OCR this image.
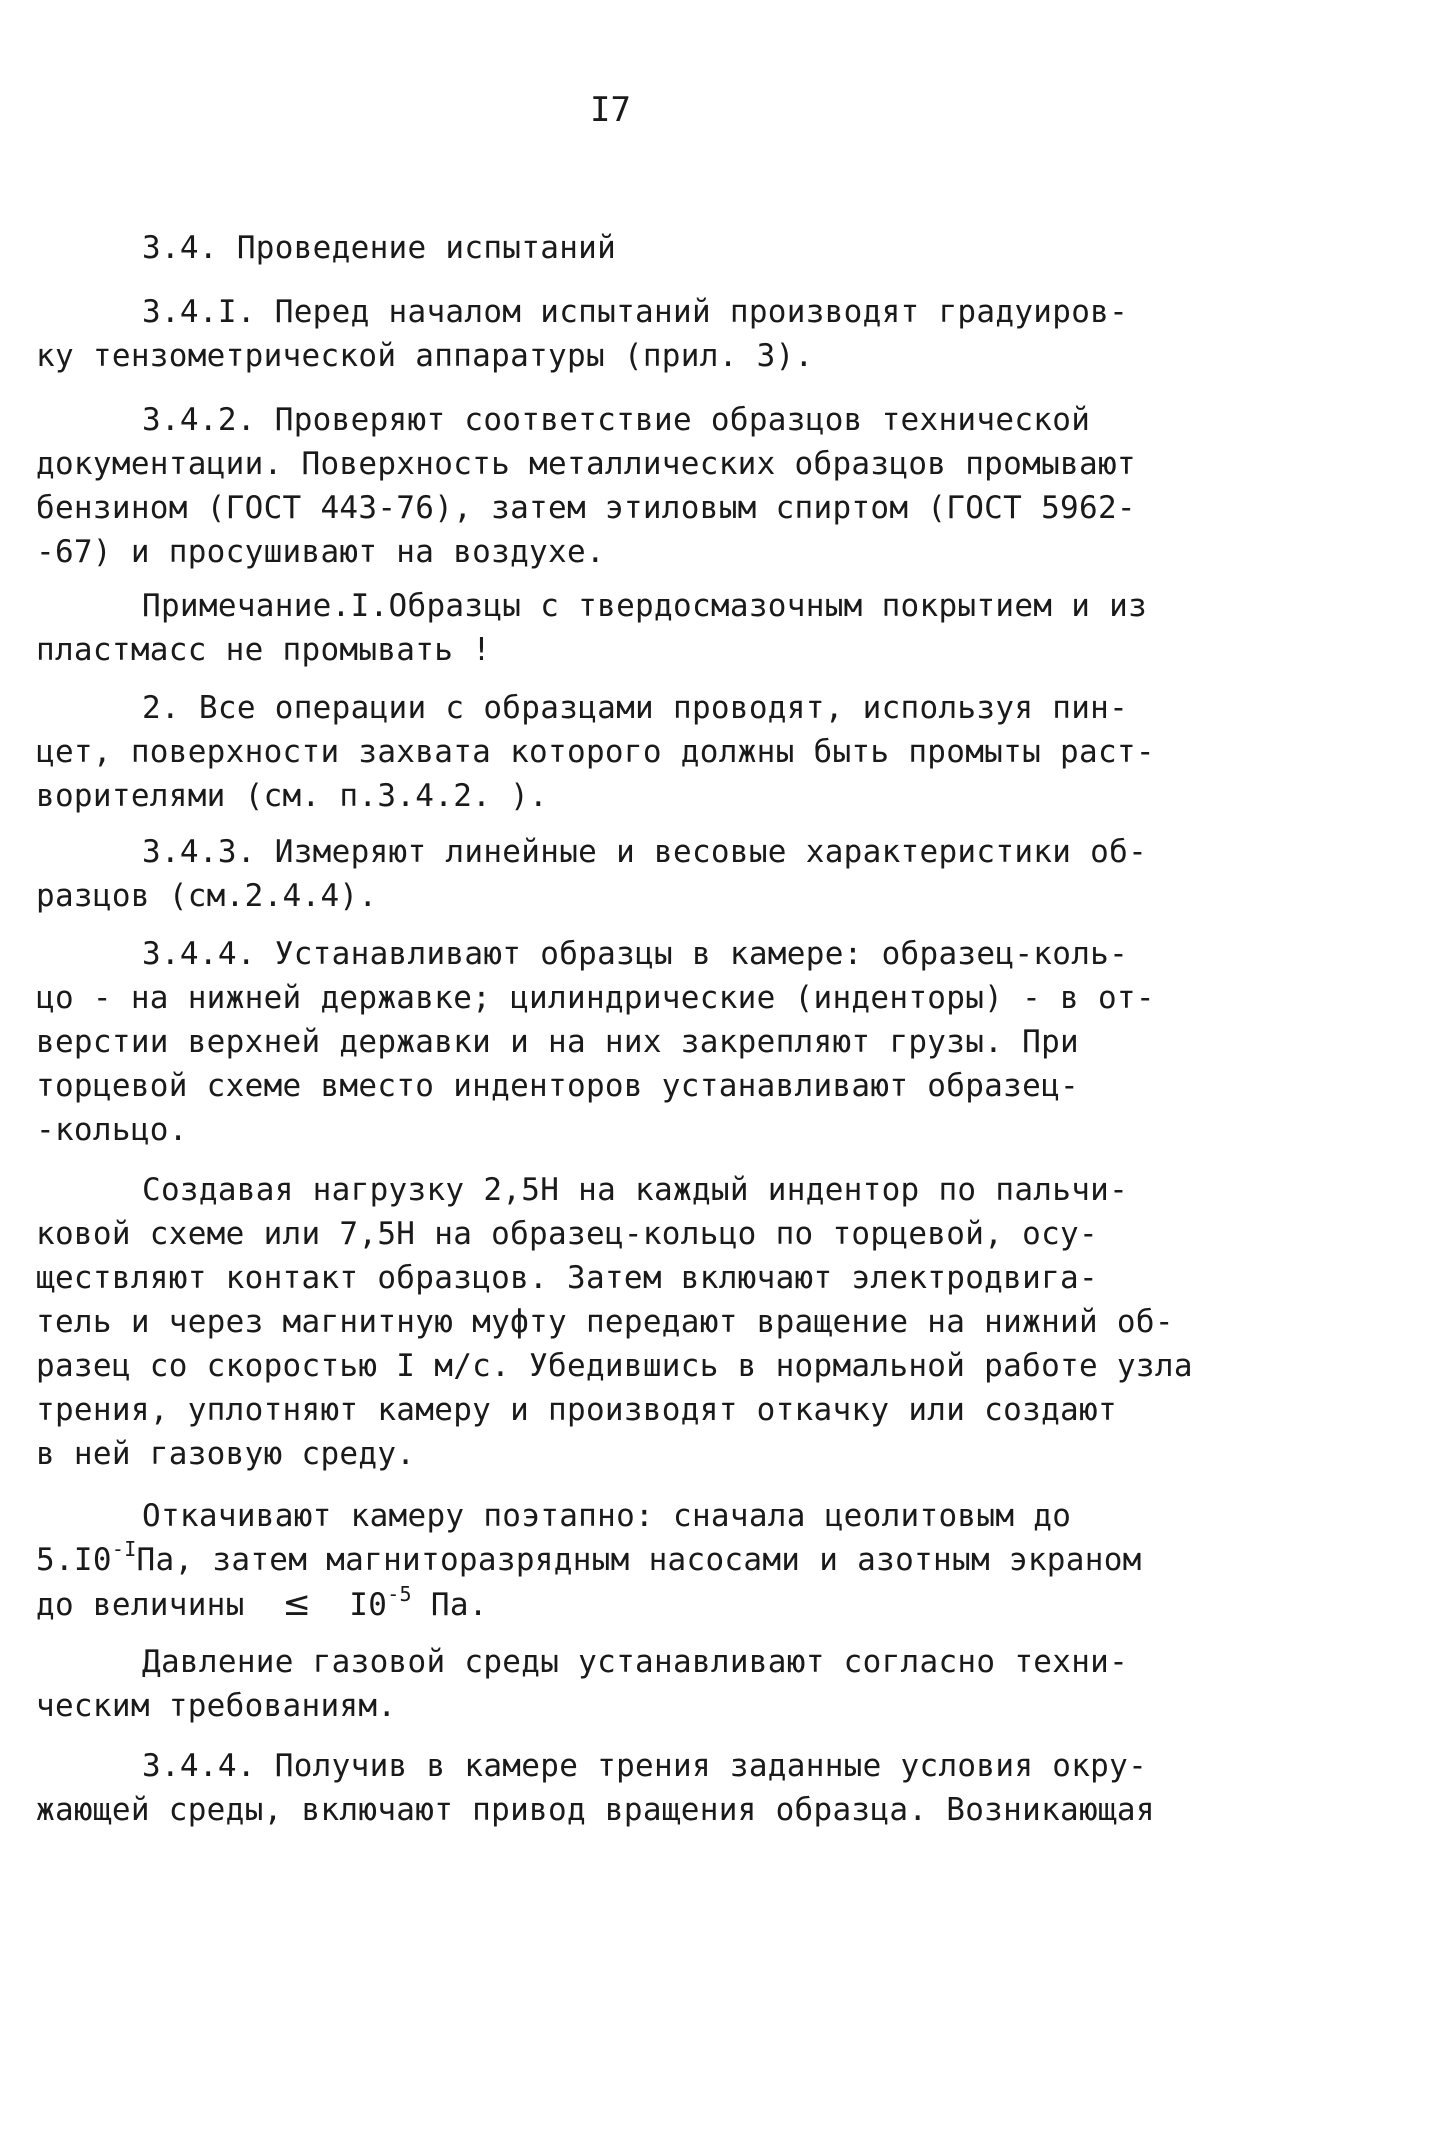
I7
3.4. Проведение испытаний
3.4.I. Перед началом испытаний производят градуиров-
ку тензометрической аппаратуры (прил. 3).
3.4.2. Проверяют соответствие образцов технической
документации. Поверхность металлических образцов промывают
бензином (ГОСТ 443-76), затем этиловым спиртом (ГОСТ 5962-
-67) и просушивают на воздухе.
Примечание.I.Образцы с твердосмазочным покрытием и из
пластмасс не промывать !
2. Все операции с образцами проводят, используя пин-
цет, поверхности захвата которого должны быть промыты раст-
ворителями (см. п.3.4.2. ).
3.4.3. Измеряют линейные и весовые характеристики об-
разцов (см.2.4.4).
3.4.4. Устанавливают образцы в камере: образец-коль-
цо - на нижней державке; цилиндрические (инденторы) - в от-
верстии верхней державки и на них закрепляют грузы. При
торцевой схеме вместо инденторов устанавливают образец-
-кольцо.
Создавая нагрузку 2,5Н на каждый индентор по пальчи-
ковой схеме или 7,5Н на образец-кольцо по торцевой, осу-
ществляют контакт образцов. Затем включают электродвига-
тель и через магнитную муфту передают вращение на нижний об-
разец со скоростью I м/с. Убедившись в нормальной работе узла
трения, уплотняют камеру и производят откачку или создают
в ней газовую среду.
Откачивают камеру поэтапно: сначала цеолитовым до
$5.I0^{-I}Па$, затем магниторазрядным насосами и азотным экраном
до величины ≤ $I0^{-5}$ Па.
Давление газовой среды устанавливают согласно техни-
ческим требованиям.
3.4.4. Получив в камере трения заданные условия окру-
жающей среды, включают привод вращения образца. Возникающая
